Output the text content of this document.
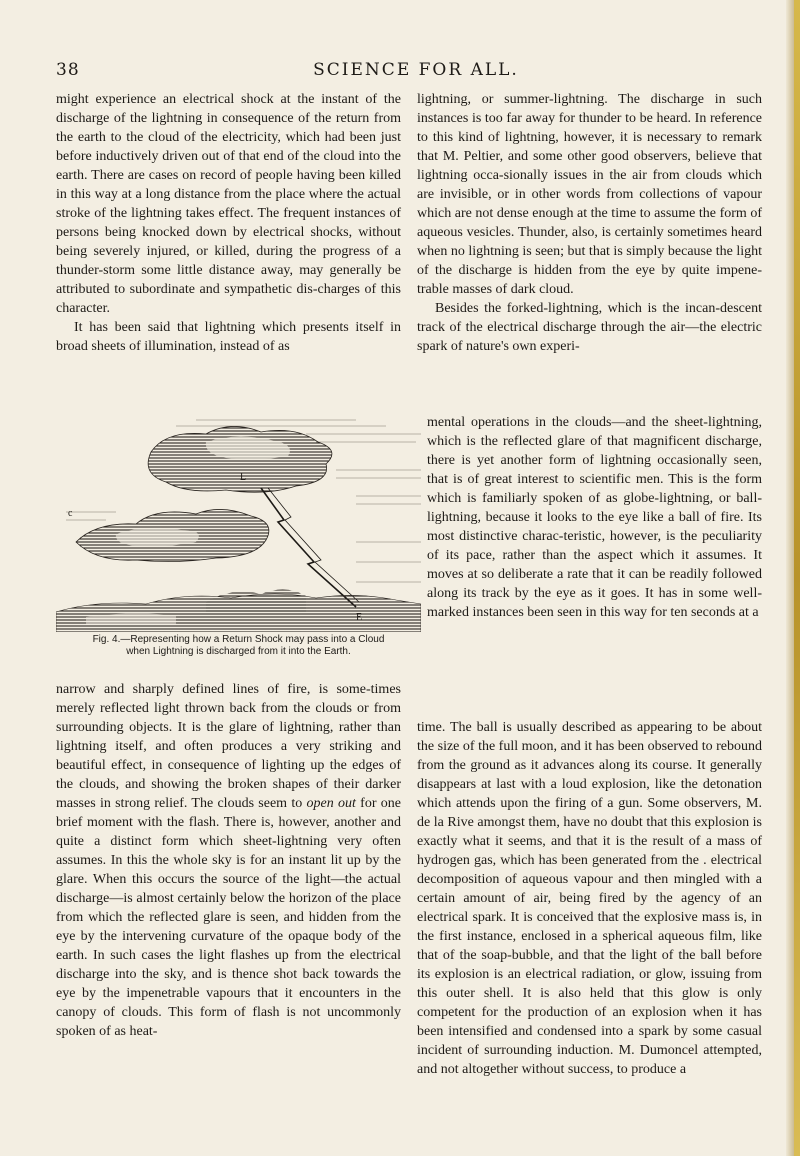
38	SCIENCE FOR ALL.

might experience an electrical shock at the instant of the discharge of the lightning in consequence of the return from the earth to the cloud of the electricity, which had been just before inductively driven out of that end of the cloud into the earth. There are cases on record of people having been killed in this way at a long distance from the place where the actual stroke of the lightning takes effect. The frequent instances of persons being knocked down by electrical shocks, without being severely injured, or killed, during the progress of a thunder-storm some little distance away, may generally be attributed to subordinate and sympathetic dis-charges of this character.

It has been said that lightning which presents itself in broad sheets of illumination, instead of as

L
c
E
Fig. 4.—Representing how a Return Shock may pass into a Cloud
when Lightning is discharged from it into the Earth.

narrow and sharply defined lines of fire, is some-times merely reflected light thrown back from the clouds or from surrounding objects. It is the glare of lightning, rather than lightning itself, and often produces a very striking and beautiful effect, in consequence of lighting up the edges of the clouds, and showing the broken shapes of their darker masses in strong relief. The clouds seem to open out for one brief moment with the flash. There is, however, another and quite a distinct form which sheet-lightning very often assumes. In this the whole sky is for an instant lit up by the glare. When this occurs the source of the light—the actual discharge—is almost certainly below the horizon of the place from which the reflected glare is seen, and hidden from the eye by the intervening curvature of the opaque body of the earth. In such cases the light flashes up from the electrical discharge into the sky, and is thence shot back towards the eye by the impenetrable vapours that it encounters in the canopy of clouds. This form of flash is not uncommonly spoken of as heat-

lightning, or summer-lightning. The discharge in such instances is too far away for thunder to be heard. In reference to this kind of lightning, however, it is necessary to remark that M. Peltier, and some other good observers, believe that lightning occa-sionally issues in the air from clouds which are invisible, or in other words from collections of vapour which are not dense enough at the time to assume the form of aqueous vesicles. Thunder, also, is certainly sometimes heard when no lightning is seen; but that is simply because the light of the discharge is hidden from the eye by quite impene-trable masses of dark cloud.

Besides the forked-lightning, which is the incan-descent track of the electrical discharge through the air—the electric spark of nature's own experi-

mental operations in the clouds—and the sheet-lightning, which is the reflected glare of that magnificent discharge, there is yet another form of lightning occasionally seen, that is of great interest to scientific men. This is the form which is familiarly spoken of as globe-lightning, or ball-lightning, because it looks to the eye like a ball of fire. Its most distinctive charac-teristic, however, is the peculiarity of its pace, rather than the aspect which it assumes. It moves at so deliberate a rate that it can be readily followed along its track by the eye as it goes. It has in some well-marked instances been seen in this way for ten seconds at a

time. The ball is usually described as appearing to be about the size of the full moon, and it has been observed to rebound from the ground as it advances along its course. It generally disappears at last with a loud explosion, like the detonation which attends upon the firing of a gun. Some observers, M. de la Rive amongst them, have no doubt that this explosion is exactly what it seems, and that it is the result of a mass of hydrogen gas, which has been generated from the . electrical decomposition of aqueous vapour and then mingled with a certain amount of air, being fired by the agency of an electrical spark. It is conceived that the explosive mass is, in the first instance, enclosed in a spherical aqueous film, like that of the soap-bubble, and that the light of the ball before its explosion is an electrical radiation, or glow, issuing from this outer shell. It is also held that this glow is only competent for the production of an explosion when it has been intensified and condensed into a spark by some casual incident of surrounding induction. M. Dumoncel attempted, and not altogether without success, to produce a
